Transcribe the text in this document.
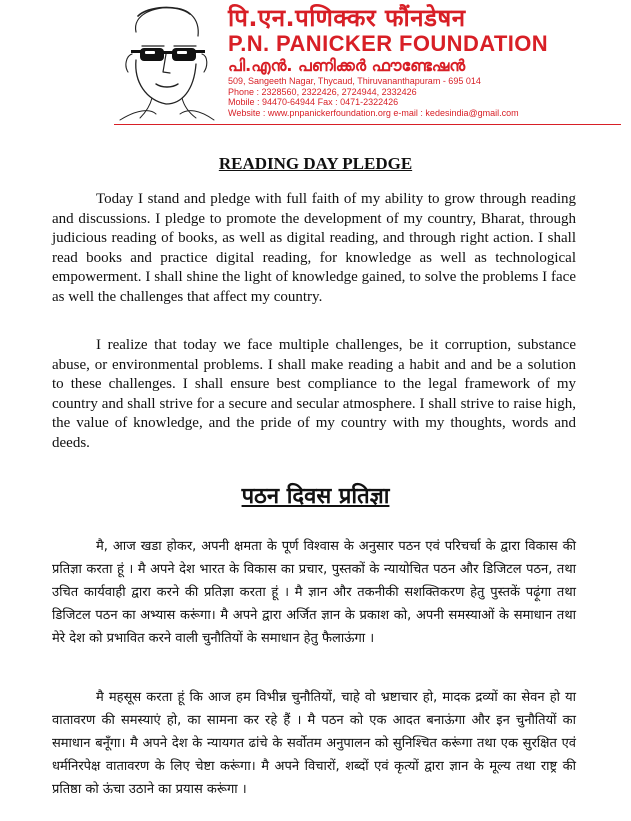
पि.एन.पणिक्कर फौंनडेषन
P.N. PANICKER FOUNDATION
പി.എൻ. പണിക്കർ ഫൗണ്ടേഷൻ
509, Sangeeth Nagar, Thycaud, Thiruvananthapuram - 695 014
Phone : 2328560, 2322426, 2724944, 2332426
Mobile : 94470-64944 Fax : 0471-2322426
Website : www.pnpanickerfoundation.org e-mail : kedesindia@gmail.com
READING DAY PLEDGE

Today I stand and pledge with full faith of my ability to grow through reading and discussions. I pledge to promote the development of my country, Bharat, through judicious reading of books, as well as digital reading, and through right action. I shall read books and practice digital reading, for knowledge as well as technological empowerment. I shall shine the light of knowledge gained, to solve the problems I face as well the challenges that affect my country.

I realize that today we face multiple challenges, be it corruption, substance abuse, or environmental problems. I shall make reading a habit and and be a solution to these challenges. I shall ensure best compliance to the legal framework of my country and shall strive for a secure and secular atmosphere. I shall strive to raise high, the value of knowledge, and the pride of my country with my thoughts, words and deeds.

पठन दिवस प्रतिज्ञा

मै, आज खडा होकर, अपनी क्षमता के पूर्ण विश्वास के अनुसार पठन एवं परिचर्चा के द्वारा विकास की प्रतिज्ञा करता हूं । मै अपने देश भारत के विकास का प्रचार, पुस्तकों के न्यायोचित पठन और डिजिटल पठन, तथा उचित कार्यवाही द्वारा करने की प्रतिज्ञा करता हूं । मै ज्ञान और तकनीकी सशक्तिकरण हेतु पुस्तकें पढ़ूंगा तथा डिजिटल पठन का अभ्यास करूंगा। मै अपने द्वारा अर्जित ज्ञान के प्रकाश को, अपनी समस्याओं के समाधान तथा मेरे देश को प्रभावित करने वाली चुनौतियों के समाधान हेतु फैलाऊंगा ।

मै महसूस करता हूं कि आज हम विभीन्न चुनौतियों, चाहे वो भ्रष्टाचार हो, मादक द्रव्यों का सेवन हो या वातावरण की समस्याएं हो, का सामना कर रहे हैं । मै पठन को एक आदत बनाऊंगा और इन चुनौतियों का समाधान बनूँगा। मै अपने देश के न्यायगत ढांचे के सर्वोतम अनुपालन को सुनिश्चित करूंगा तथा एक सुरक्षित एवं धर्मनिरपेक्ष वातावरण के लिए चेष्टा करूंगा। मै अपने विचारों, शब्दों एवं कृत्यों द्वारा ज्ञान के मूल्य तथा राष्ट्र की प्रतिष्ठा को ऊंचा उठाने का प्रयास करूंगा ।
